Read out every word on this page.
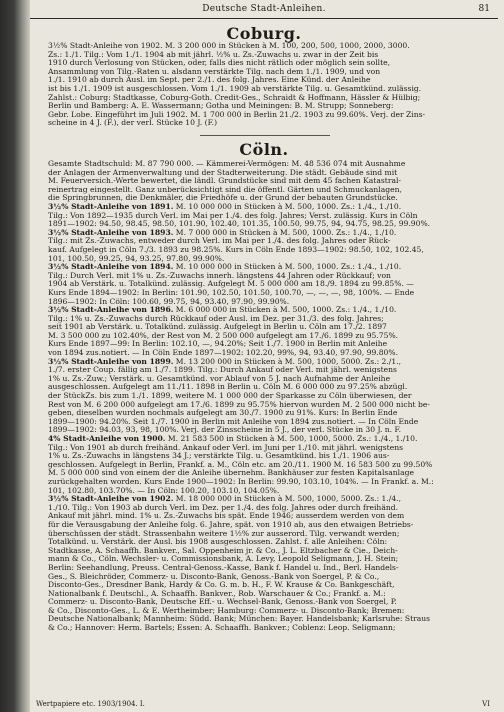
Deutsche Stadt-Anleihen.	81
Coburg.

3½% Stadt-Anleihe von 1902. M. 3 200 000 in Stücken à M. 100, 200, 500, 1000, 2000, 3000.

Zs.: 1./1. Tilg.: Vom 1./1. 1904 ab mit jährl. ½% u. Zs.-Zuwachs u. zwar in der Zeit bis

1910 durch Verlosung von Stücken, oder, falls dies nicht rätlich oder möglich sein sollte,

Ansammlung von Tilg.-Raten u. alsdann verstärkte Tilg. nach dem 1./1. 1909, und von

1./1. 1910 ab durch Ausl. im Sept. per 2./1. des folg. Jahres. Eine Künd. der Anleihe

ist bis 1./1. 1909 ist ausgeschlossen. Vom 1./1. 1909 ab verstärkte Tilg. u. Gesamtkünd. zulässig.

Zahlst.: Coburg: Stadtkasse, Coburg-Goth. Credit-Ges., Schraidt & Hoffmann, Hässler & Hülbig;

Berlin und Bamberg: A. E. Wassermann; Gotha und Meiningen: B. M. Strupp; Sonneberg:

Gebr. Lobe. Eingeführt im Juli 1902. M. 1 700 000 in Berlin 21./2. 1903 zu 99.60%. Verj. der Zins-

scheine in 4 J. (F.), der verl. Stücke 10 J. (F.)

Cöln.

Gesamte Stadtschuld: M. 87 790 000. — Kämmerei-Vermögen: M. 48 536 074 mit Ausnahme

der Anlagen der Armenverwaltung und der Stadterweiterung. Die städt. Gebäude sind mit

M. Feuerversich.-Werte bewertet, die ländl. Grundstücke sind mit dem 45 fachen Katastral-

reinertrag eingestellt. Ganz unberücksichtigt sind die öffentl. Gärten und Schmuckanlagen,

die Springbrunnen, die Denkmäler, die Friedhöfe u. der Grund der bebauten Grundstücke.

3½% Stadt-Anleihe von 1891. M. 10 000 000 in Stücken à M. 500, 1000. Zs.: 1./4., 1./10.

Tilg.: Von 1892—1935 durch Verl. im Mai per 1./4. des folg. Jahres; Verst. zulässig. Kurs in Cöln

1891—1902: 94.50, 98.45, 98.50, 101.90, 102.40, 101.35, 100.50, 99.75, 94, 94.75, 98.25, 99.90%.

3½% Stadt-Anleihe von 1893. M. 7 000 000 in Stücken à M. 500, 1000. Zs.: 1./4., 1./10.

Tilg.: mit Zs.-Zuwachs, entweder durch Verl. im Mai per 1./4. des folg. Jahres oder Rück-

kauf. Aufgelegt in Cöln 7./3. 1893 zu 98.25%. Kurs in Cöln Ende 1893—1902: 98.50, 102, 102.45,

101, 100.50, 99.25, 94, 93.25, 97.80, 99.90%.

3½% Stadt-Anleihe von 1894. M. 10 000 000 in Stücken à M. 500, 1000. Zs.: 1./4., 1./10.

Tilg.: Durch Verl. mit 1% u. Zs.-Zuwachs innerh. längstens 44 Jahren oder Rückkauf; von

1904 ab Verstärk. u. Totalkünd. zulässig. Aufgelegt M. 5 000 000 am 18./9. 1894 zu 99.85%. —

Kurs Ende 1894—1902: In Berlin: 101.90, 102.50, 101.50, 100.70, —, —, —, 98, 100%. — Ende

1896—1902: In Cöln: 100.60, 99.75, 94, 93.40, 97.90, 99.90%.

3½% Stadt-Anleihe von 1896. M. 6 000 000 in Stücken à M. 500, 1000. Zs.: 1./4., 1./10.

Tilg.: 1% u. Zs.-Zuwachs durch Rückkauf oder Ausl. im Dez. per 31./3. des folg. Jahres;

seit 1901 ab Verstärk. u. Totalkünd. zulässig. Aufgelegt in Berlin u. Cöln am 17./2. 1897

M. 3 500 000 zu 102.40%, der Rest von M. 2 500 000 aufgelegt am 17./6. 1899 zu 95.75%.

Kurs Ende 1897—99: In Berlin: 102.10, —, 94.20%; Seit 1./7. 1900 in Berlin mit Anleihe

von 1894 zus.notiert. — In Cöln Ende 1897—1902: 102.20, 99%, 94, 93.40, 97.90, 99.80%.

3½% Stadt-Anleihe von 1899. M. 13 200 000 in Stücken à M. 500, 1000, 5000. Zs.: 2./1.,

1./7. erster Coup. fällig am 1./7. 1899. Tilg.: Durch Ankauf oder Verl. mit jährl. wenigstens

1% u. Zs.-Zuw.; Verstärk. u. Gesamtkünd. vor Ablauf von 5 J. nach Aufnahme der Anleihe

ausgeschlossen. Aufgelegt am 11./11. 1898 in Berlin u. Cöln M. 6 000 000 zu 97.25% abzügl.

der StückZs. bis zum 1./1. 1899, weitere M. 1 000 000 der Sparkasse zu Cöln überwiesen, der

Rest von M. 6 200 000 aufgelegt am 17./6. 1899 zu 95.75% hiervon wurden M. 2 500 000 nicht be-

geben, dieselben wurden nochmals aufgelegt am 30./7. 1900 zu 91%. Kurs: In Berlin Ende

1899—1900: 94.20%. Seit 1./7. 1900 in Berlin mit Anleihe von 1894 zus.notiert. — In Cöln Ende

1899—1902: 94.03, 93, 98, 100%. Verj. der Zinsscheine in 5 J., der verl. Stücke in 30 J. n. F.

4% Stadt-Anleihe von 1900. M. 21 583 500 in Stücken à M. 500, 1000, 5000. Zs.: 1./4., 1./10.

Tilg.: Von 1901 ab durch freihänd. Ankauf oder Verl. im Juni per 1./10. mit jährl. wenigstens

1% u. Zs.-Zuwachs in längstens 34 J.; verstärkte Tilg. u. Gesamtkünd. bis 1./1. 1906 aus-

geschlossen. Aufgelegt in Berlin, Frankf. a. M., Cöln etc. am 20./11. 1900 M. 16 583 500 zu 99.50%

M. 5 000 000 sind von einem der die Anleihe übernehm. Bankhäuser zur festen Kapitalsanlage

zurückgehalten worden. Kurs Ende 1900—1902: In Berlin: 99.90, 103.10, 104%. — In Frankf. a. M.:

101, 102.80, 103.70%. — In Cöln: 100.20, 103.10, 104.05%.

3½% Stadt-Anleihe von 1902. M. 18 000 000 in Stücken à M. 500, 1000, 5000. Zs.: 1./4.,

1./10. Tilg.: Von 1903 ab durch Verl. im Dez. per 1./4. des folg. Jahres oder durch freihänd.

Ankauf mit jährl. mind. 1% u. Zs.-Zuwachs bis spät. Ende 1946; ausserdem werden von dem

für die Verausgabung der Anleihe folg. 6. Jahre, spät. von 1910 ab, aus den etwaigen Betriebs-

überschüssen der städt. Strassenbahn weitere 1½% zur ausserord. Tilg. verwandt werden;

Totalkünd. u. Verstärk. der Ausl. bis 1908 ausgeschlossen. Zahlst. f. alle Anleihen: Cöln:

Stadtkasse, A. Schaaffh. Bankver., Sal. Oppenheim jr. & Co., J. L. Eltzbacher & Cie., Deich-

mann & Co., Cöln. Wechsler- u. Commissionsbank, A. Levy, Leopold Seligmann, J. H. Stein;

Berlin: Seehandlung, Preuss. Central-Genoss.-Kasse, Bank f. Handel u. Ind., Berl. Handels-

Ges., S. Bleichröder, Commerz- u. Disconto-Bank, Genoss.-Bank von Soergel, P. & Co.,

Disconto-Ges., Dresdner Bank, Hardy & Co. G. m. b. H., F. W. Krause & Co. Bankgeschäft,

Nationalbank f. Deutschl., A. Schaaffh. Bankver., Rob. Warschauer & Co.; Frankf. a. M.:

Commerz- u. Disconto-Bank, Deutsche Eff.- u. Wechsel-Bank, Genoss.-Bank von Soergel, P.

& Co., Disconto-Ges., L. & E. Wertheimber; Hamburg: Commerz- u. Disconto-Bank; Bremen:

Deutsche Nationalbank; Mannheim: Südd. Bank; München: Bayer. Handelsbank; Karlsruhe: Straus

& Co.; Hannover: Herm. Bartels; Essen: A. Schaaffh. Bankver.; Coblenz: Leop. Seligmann;

Wertpapiere etc. 1903/1904. I.	VI
